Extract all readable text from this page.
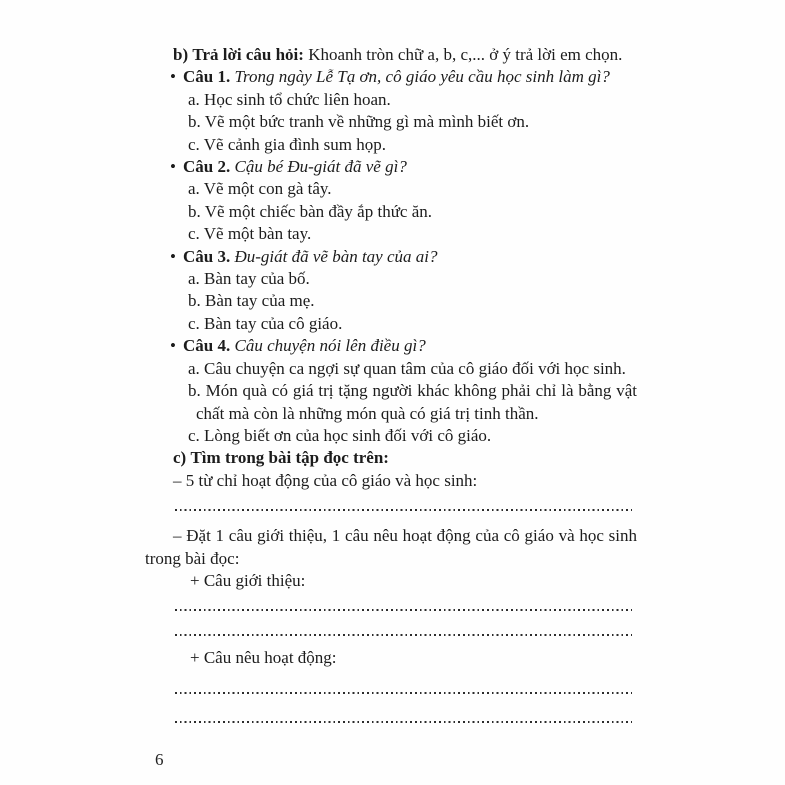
b) Trả lời câu hỏi: Khoanh tròn chữ a, b, c,... ở ý trả lời em chọn.
• Câu 1. Trong ngày Lễ Tạ ơn, cô giáo yêu cầu học sinh làm gì?
a. Học sinh tổ chức liên hoan.
b. Vẽ một bức tranh về những gì mà mình biết ơn.
c. Vẽ cảnh gia đình sum họp.
• Câu 2. Cậu bé Đu-giát đã vẽ gì?
a. Vẽ một con gà tây.
b. Vẽ một chiếc bàn đầy ắp thức ăn.
c. Vẽ một bàn tay.
• Câu 3. Đu-giát đã vẽ bàn tay của ai?
a. Bàn tay của bố.
b. Bàn tay của mẹ.
c. Bàn tay của cô giáo.
• Câu 4. Câu chuyện nói lên điều gì?
a. Câu chuyện ca ngợi sự quan tâm của cô giáo đối với học sinh.
b. Món quà có giá trị tặng người khác không phải chỉ là bằng vật chất mà còn là những món quà có giá trị tinh thần.
c. Lòng biết ơn của học sinh đối với cô giáo.
c) Tìm trong bài tập đọc trên:
– 5 từ chỉ hoạt động của cô giáo và học sinh:
– Đặt 1 câu giới thiệu, 1 câu nêu hoạt động của cô giáo và học sinh trong bài đọc:
+ Câu giới thiệu:
+ Câu nêu hoạt động:
6
